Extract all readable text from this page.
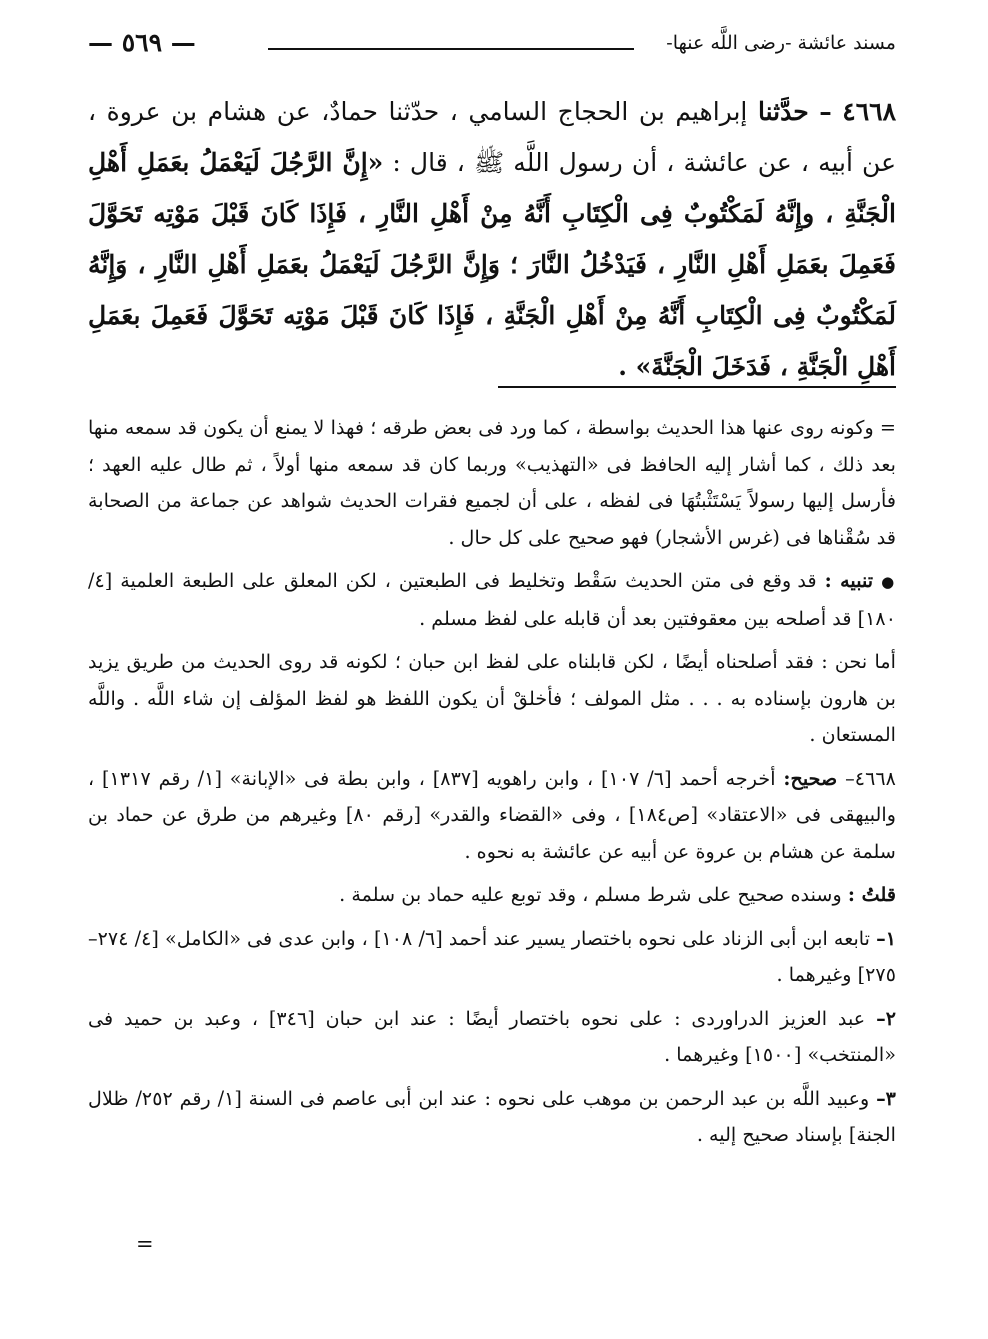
مسند عائشة -رضى اللَّه عنها-
— ٥٦٩ —
٤٦٦٨ – حدَّثنا إبراهيم بن الحجاج السامي ، حدّثنا حمادٌ، عن هشام بن عروة ، عن أبيه ، عن عائشة ، أن رسول اللَّه ﷺ ، قال : «إِنَّ الرَّجُلَ لَيَعْمَلُ بعَمَلِ أَهْلِ الْجَنَّةِ ، وإِنَّهُ لَمَكْتُوبٌ فِى الْكِتَابِ أَنَّهُ مِنْ أَهْلِ النَّارِ ، فَإِذَا كَانَ قَبْلَ مَوْتِه تَحَوَّلَ فَعَمِلَ بعَمَلِ أَهْلِ النَّارِ ، فَيَدْخُلُ النَّارَ ؛ وَإِنَّ الرَّجُلَ لَيَعْمَلُ بعَمَلِ أَهْلِ النَّارِ ، وَإِنَّهُ لَمَكْتُوبٌ فِى الْكِتَابِ أَنَّهُ مِنْ أَهْلِ الْجَنَّةِ ، فَإِذَا كَانَ قَبْلَ مَوْتِه تَحَوَّلَ فَعَمِلَ بعَمَلِ أَهْلِ الْجَنَّةِ ، فَدَخَلَ الْجَنَّةَ» .

= وكونه روى عنها هذا الحديث بواسطة ، كما ورد فى بعض طرقه ؛ فهذا لا يمنع أن يكون قد سمعه منها بعد ذلك ، كما أشار إليه الحافظ فى «التهذيب» وربما كان قد سمعه منها أولاً ، ثم طال عليه العهد ؛ فأرسل إليها رسولاً يَسْتَثْبتُهَا فى لفظه ، على أن لجميع فقرات الحديث شواهد عن جماعة من الصحابة قد سُقْناها فى (غرس الأشجار) فهو صحيح على كل حال .

● تنبيه : قد وقع فى متن الحديث سَقْط وتخليط فى الطبعتين ، لكن المعلق على الطبعة العلمية [٤/ ١٨٠] قد أصلحه بين معقوفتين بعد أن قابله على لفظ مسلم .

أما نحن : فقد أصلحناه أيضًا ، لكن قابلناه على لفظ ابن حبان ؛ لكونه قد روى الحديث من طريق يزيد بن هارون بإسناده به . . . مثل المولف ؛ فأخلقْ أن يكون اللفظ هو لفظ المؤلف إن شاء اللَّه . واللَّه المستعان .

٤٦٦٨– صحيح: أخرجه أحمد [٦/ ١٠٧] ، وابن راهويه [٨٣٧] ، وابن بطة فى «الإبانة» [١/ رقم ١٣١٧] ، والبيهقى فى «الاعتقاد» [ص١٨٤] ، وفى «القضاء والقدر» [رقم ٨٠] وغيرهم من طرق عن حماد بن سلمة عن هشام بن عروة عن أبيه عن عائشة به نحوه .

قلتُ : وسنده صحيح على شرط مسلم ، وقد توبع عليه حماد بن سلمة .

١– تابعه ابن أبى الزناد على نحوه باختصار يسير عند أحمد [٦/ ١٠٨] ، وابن عدى فى «الكامل» [٤/ ٢٧٤–٢٧٥] وغيرهما .

٢– عبد العزيز الدراوردى : على نحوه باختصار أيضًا : عند ابن حبان [٣٤٦] ، وعبد بن حميد فى «المنتخب» [١٥٠٠] وغيرهما .

٣– وعبيد اللَّه بن عبد الرحمن بن موهب على نحوه : عند ابن أبى عاصم فى السنة [١/ رقم ٢٥٢/ ظلال الجنة] بإسناد صحيح إليه .

=
